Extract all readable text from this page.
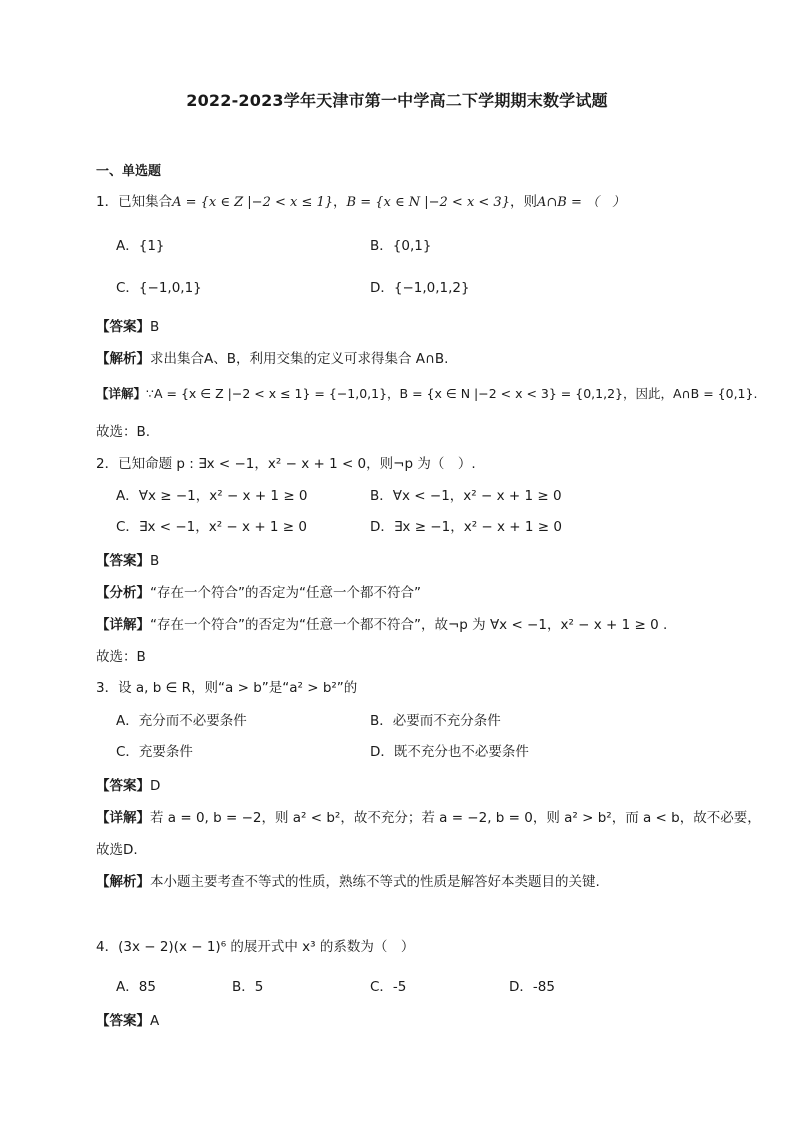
2022-2023学年天津市第一中学高二下学期期末数学试题
一、单选题
1．已知集合A = {x ∈ Z |−2 < x ≤ 1}，B = {x ∈ N |−2 < x < 3}，则A∩B = （　）
A．{1}	B．{0,1}
C．{−1,0,1}	D．{−1,0,1,2}
【答案】B
【解析】求出集合A、B，利用交集的定义可求得集合 A∩B.
【详解】∵A = {x ∈ Z |−2 < x ≤ 1} = {−1,0,1}，B = {x ∈ N |−2 < x < 3} = {0,1,2}，因此，A∩B = {0,1}.
故选：B.
2．已知命题 p : ∃x < −1，x² − x + 1 < 0，则¬p 为（　）.
A．∀x ≥ −1，x² − x + 1 ≥ 0	B．∀x < −1，x² − x + 1 ≥ 0
C．∃x < −1，x² − x + 1 ≥ 0	D．∃x ≥ −1，x² − x + 1 ≥ 0
【答案】B
【分析】“存在一个符合”的否定为“任意一个都不符合”
【详解】“存在一个符合”的否定为“任意一个都不符合”，故¬p 为 ∀x < −1，x² − x + 1 ≥ 0 .
故选：B
3．设 a, b ∈ R，则“a > b”是“a² > b²”的
A．充分而不必要条件	B．必要而不充分条件
C．充要条件	D．既不充分也不必要条件
【答案】D
【详解】若 a = 0, b = −2，则 a² < b²，故不充分；若 a = −2, b = 0，则 a² > b²，而 a < b，故不必要，
故选D.
【解析】本小题主要考查不等式的性质，熟练不等式的性质是解答好本类题目的关键.
4．(3x − 2)(x − 1)⁶ 的展开式中 x³ 的系数为（　）
A．85	B．5	C．-5	D．-85
【答案】A
